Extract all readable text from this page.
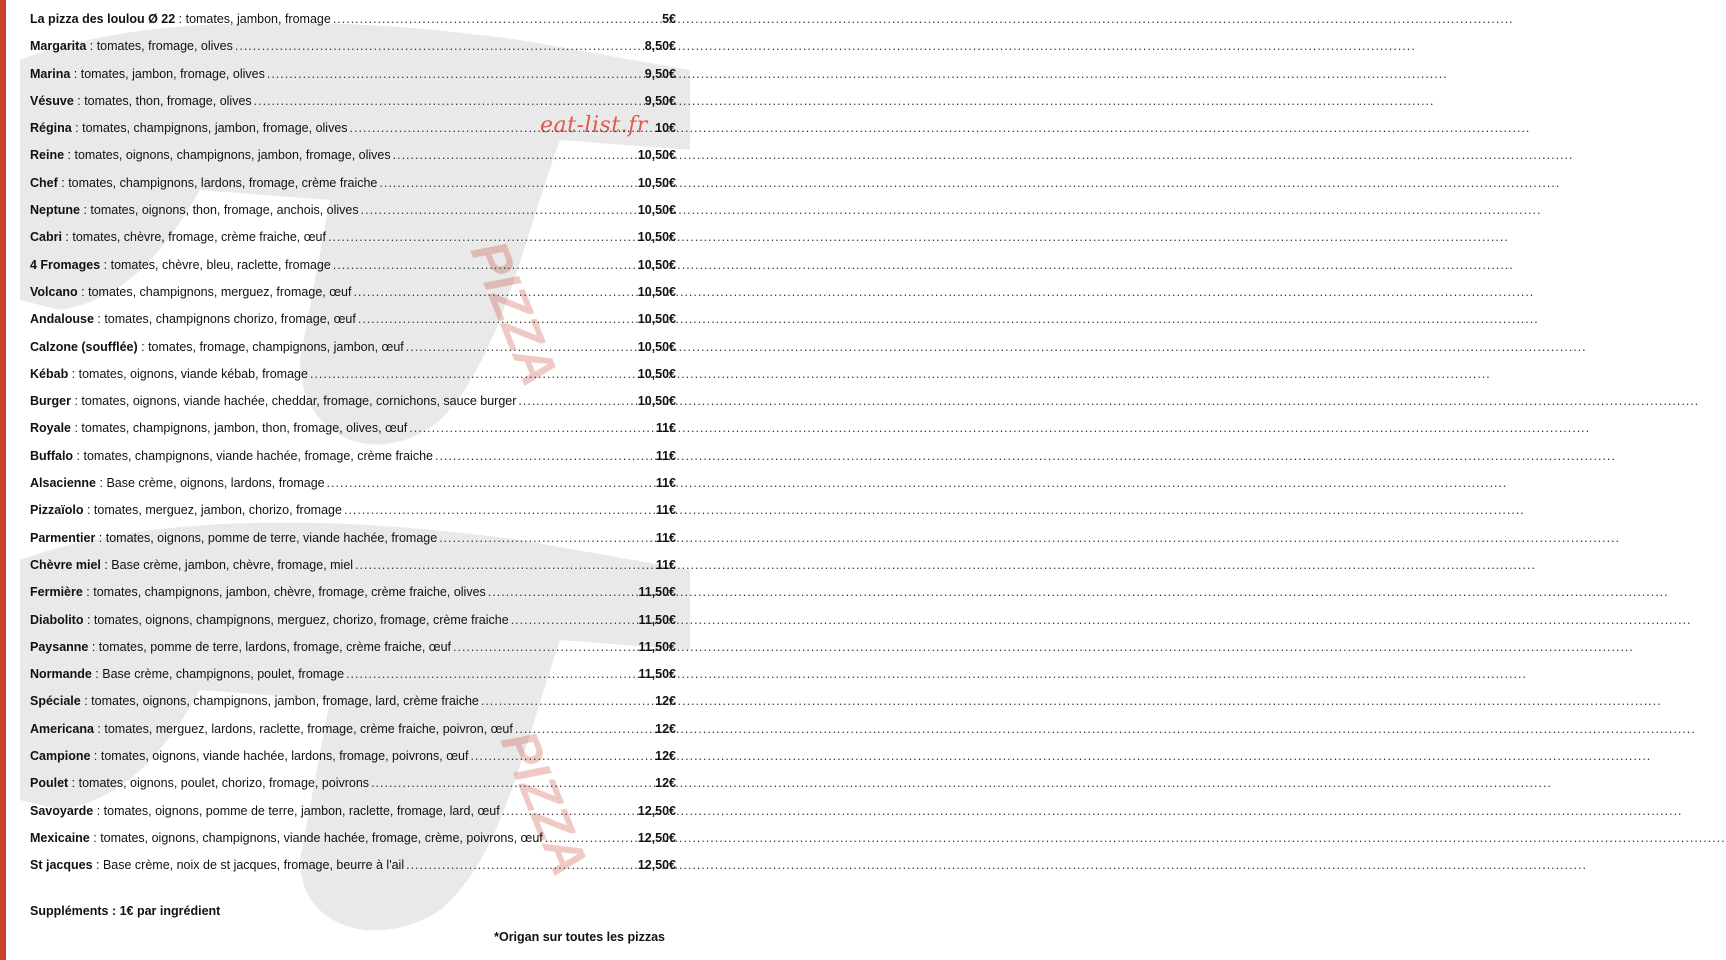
PIZZA
PIZZA
eat-list.fr
La pizza des loulou Ø 22 : tomates, jambon, fromage .....	5€
Margarita : tomates, fromage, olives .....	8,50€
Marina : tomates, jambon, fromage, olives .....	9,50€
Vésuve : tomates, thon, fromage, olives .....	9,50€
Régina : tomates, champignons, jambon, fromage, olives .....	10€
Reine : tomates, oignons, champignons, jambon, fromage, olives .....	10,50€
Chef : tomates, champignons, lardons, fromage, crème fraiche .....	10,50€
Neptune : tomates, oignons, thon, fromage, anchois, olives .....	10,50€
Cabri : tomates, chèvre, fromage, crème fraiche, œuf .....	10,50€
4 Fromages : tomates, chèvre, bleu, raclette, fromage .....	10,50€
Volcano : tomates, champignons, merguez, fromage, œuf .....	10,50€
Andalouse : tomates, champignons chorizo, fromage, œuf .....	10,50€
Calzone (soufflée) : tomates, fromage, champignons, jambon, œuf .....	10,50€
Kébab : tomates, oignons, viande kébab, fromage .....	10,50€
Burger : tomates, oignons, viande hachée, cheddar, fromage, cornichons, sauce burger .....	10,50€
Royale : tomates, champignons, jambon, thon, fromage, olives, œuf .....	11€
Buffalo : tomates, champignons, viande hachée, fromage, crème fraiche .....	11€
Alsacienne : Base crème, oignons, lardons, fromage .....	11€
Pizzaïolo : tomates, merguez, jambon, chorizo, fromage .....	11€
Parmentier : tomates, oignons, pomme de terre, viande hachée, fromage .....	11€
Chèvre miel : Base crème, jambon, chèvre, fromage, miel .....	11€
Fermière : tomates, champignons, jambon, chèvre, fromage, crème fraiche, olives .....	11,50€
Diabolito : tomates, oignons, champignons, merguez, chorizo, fromage, crème fraiche .....	11,50€
Paysanne : tomates, pomme de terre, lardons, fromage, crème fraiche, œuf .....	11,50€
Normande : Base crème, champignons, poulet, fromage .....	11,50€
Spéciale : tomates, oignons, champignons, jambon, fromage, lard, crème fraiche .....	12€
Americana : tomates, merguez, lardons, raclette, fromage, crème fraiche, poivron, œuf .....	12€
Campione : tomates, oignons, viande hachée, lardons, fromage, poivrons, œuf .....	12€
Poulet : tomates, oignons, poulet, chorizo, fromage, poivrons .....	12€
Savoyarde : tomates, oignons, pomme de terre, jambon, raclette, fromage, lard, œuf .....	12,50€
Mexicaine : tomates, oignons, champignons, viande hachée, fromage, crème, poivrons, œuf .....	12,50€
St jacques : Base crème, noix de st jacques, fromage, beurre à l'ail .....	12,50€
Suppléments : 1€ par ingrédient
*Origan sur toutes les pizzas
